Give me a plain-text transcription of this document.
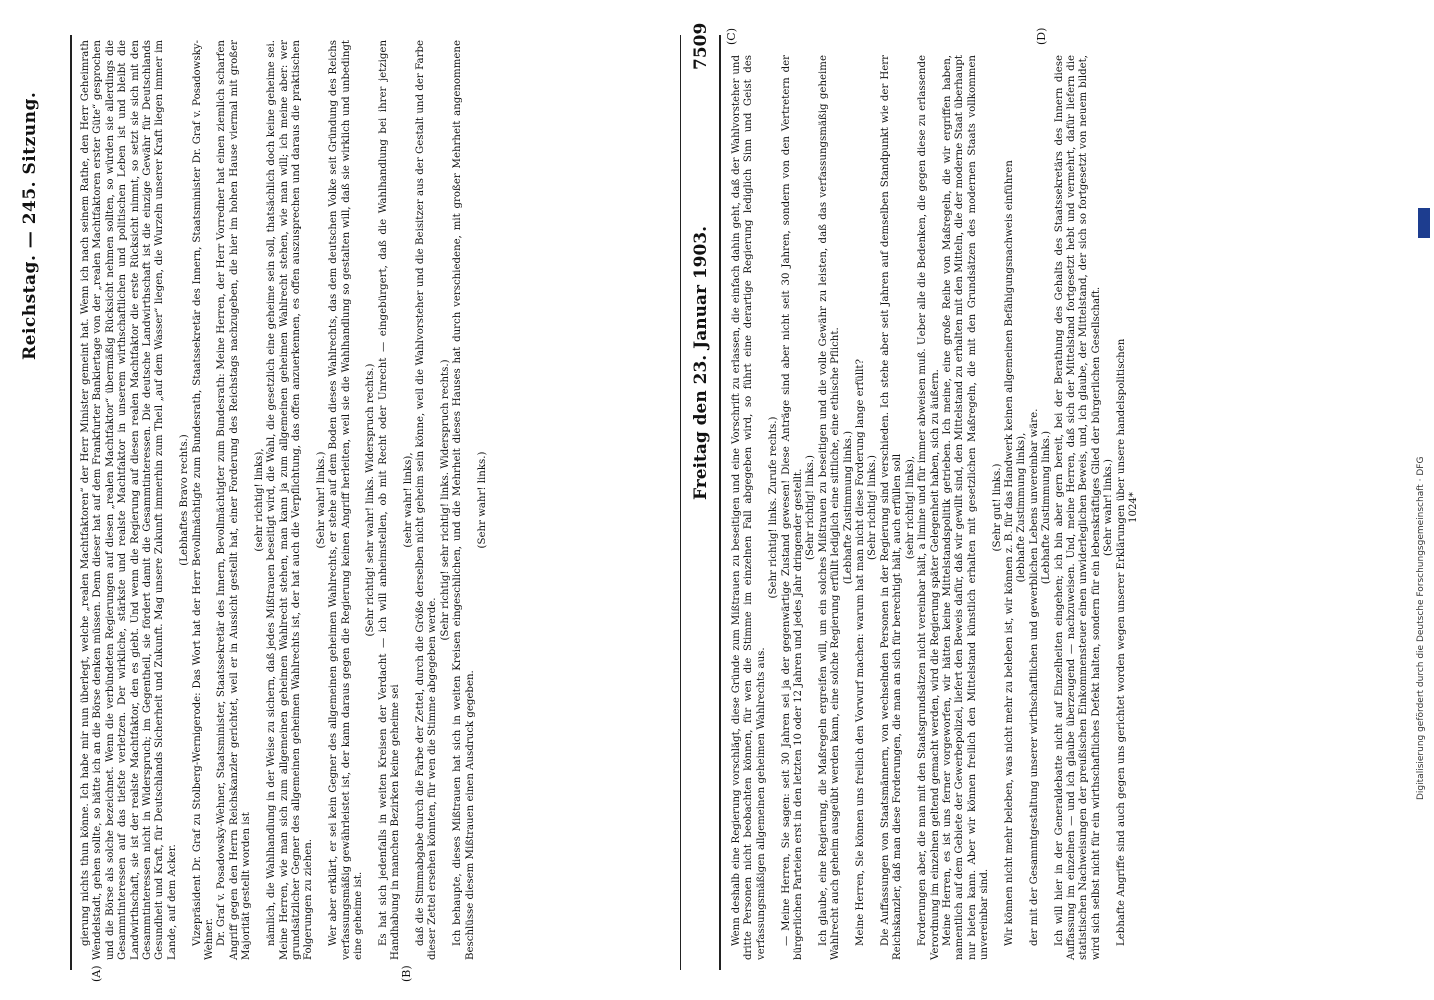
Reichstag. — 245. Sitzung.
(A)	(B)

gierung nichts thun könne. Ich habe mir nun überlegt, welche „realen Machtfaktoren“ der Herr Minister gemeint hat. Wenn ich nach seinem Rathe, den Herr Geheimrath Wendelstadt, gehen sollte, so hätte ich an die Börse denken müssen. Denn dieser hat auf dem Frankfurter Bankiertage von der „realen Machtfaktoren erster Güte“ gesprochen und die Börse als solche bezeichnet. Wenn die verbündeten Regierungen auf diesen „realen Machtfaktor“ übermäßig Rücksicht nehmen sollten, so würden sie allerdings die Gesammtinteressen auf das tiefste verletzen. Der wirkliche, stärkste und realste Machtfaktor in unserem wirthschaftlichen und politischen Leben ist und bleibt die Landwirthschaft, sie ist der realste Machtfaktor, den es giebt. Und wenn die Regierung auf diesen realen Machtfaktor die erste Rücksicht nimmt, so setzt sie sich mit den Gesammtinteressen nicht in Widerspruch; im Gegentheil, sie fördert damit die Gesammtinteressen. Die deutsche Landwirthschaft ist die einzige Gewähr für Deutschlands Gesundheit und Kraft, für Deutschlands Sicherheit und Zukunft. Mag unsere Zukunft immerhin zum Theil „auf dem Wasser“ liegen, die Wurzeln unserer Kraft liegen immer im Lande, auf dem Acker.

(Lebhaftes Bravo rechts.) Vizepräsident Dr. Graf zu Stolberg-Wernigerode: Das Wort hat der Herr Bevollmächtigte zum Bundesrath, Staatssekretär des Innern, Staatsminister Dr. Graf v. Posadowsky-Wehner. Dr. Graf v. Posadowsky-Wehner, Staatsminister, Staatssekretär des Innern, Bevollmächtigter zum Bundesrath: Meine Herren, der Herr Vorredner hat einen ziemlich scharfen Angriff gegen den Herrn Reichskanzler gerichtet, weil er in Aussicht gestellt hat, einer Forderung des Reichstags nachzugeben, die hier im hohen Hause viermal mit großer Majorität gestellt worden ist

(sehr richtig! links), nämlich, die Wahlhandlung in der Weise zu sichern, daß jedes Mißtrauen beseitigt wird, die Wahl, die gesetzlich eine geheime sein soll, thatsächlich doch keine geheime sei. Meine Herren, wie man sich zum allgemeinen geheimen Wahlrecht stehen, man kann ja zum allgemeinen geheimen Wahlrecht stehen, wie man will; ich meine aber: wer grundsätzlicher Gegner des allgemeinen geheimen Wahlrechts ist, der hat auch die Verpflichtung, das offen anzuerkennen, es offen auszusprechen und daraus die praktischen Folgerungen zu ziehen.

(Sehr wahr! links.) Wer aber erklärt, er sei kein Gegner des allgemeinen geheimen Wahlrechts, er stehe auf dem Boden dieses Wahlrechts, das dem deutschen Volke seit Gründung des Reichs verfassungsmäßig gewährleistet ist, der kann daraus gegen die Regierung keinen Angriff herleiten, weil sie die Wahlhandlung so gestalten will, daß sie wirklich und unbedingt eine geheime ist.

(Sehr richtig! sehr wahr! links. Widerspruch rechts.) Es hat sich jedenfalls in weiten Kreisen der Verdacht — ich will anheimstellen, ob mit Recht oder Unrecht — eingebürgert, daß die Wahlhandlung bei ihrer jetzigen Handhabung in manchen Bezirken keine geheime sei

(sehr wahr! links), daß die Stimmabgabe durch die Farbe der Zettel, durch die Größe derselben nicht geheim sein könne, weil die Wahlvorsteher und die Beisitzer aus der Gestalt und der Farbe dieser Zettel ersehen könnten, für wen die Stimme abgegeben werde.

(Sehr richtig! sehr richtig! links. Widerspruch rechts.) Ich behaupte, dieses Mißtrauen hat sich in weiten Kreisen eingeschlichen, und die Mehrheit dieses Hauses hat durch verschiedene, mit großer Mehrheit angenommene Beschlüsse diesem Mißtrauen einen Ausdruck gegeben.

(Sehr wahr! links.)	Freitag den 23. Januar 1903.
7509 (C)	(D)

Wenn deshalb eine Regierung vorschlägt, diese Gründe zum Mißtrauen zu beseitigen und eine Vorschrift zu erlassen, die einfach dahin geht, daß der Wahlvorsteher und dritte Personen nicht beobachten können, für wen die Stimme im einzelnen Fall abgegeben wird, so führt eine derartige Regierung lediglich Sinn und Geist des verfassungsmäßigen allgemeinen geheimen Wahlrechts aus.

(Sehr richtig! links. Zurufe rechts.) — Meine Herren, Sie sagen: seit 30 Jahren sei ja der gegenwärtige Zustand gewesen! Diese Anträge sind aber nicht seit 30 Jahren, sondern von den Vertretern der bürgerlichen Parteien erst in den letzten 10 oder 12 Jahren und jedes Jahr dringender gestellt. (Sehr richtig! links.) Ich glaube, eine Regierung, die Maßregeln ergreifen will, um ein solches Mißtrauen zu beseitigen und die volle Gewähr zu leisten, daß das verfassungsmäßig geheime Wahlrecht auch geheim ausgeübt werden kann, eine solche Regierung erfüllt lediglich eine sittliche, eine ethische Pflicht. (Lebhafte Zustimmung links.) Meine Herren, Sie können uns freilich den Vorwurf machen: warum hat man nicht diese Forderung lange erfüllt? (Sehr richtig! links.) Die Auffassungen von Staatsmännern, von wechselnden Personen in der Regierung sind verschieden. Ich stehe aber seit Jahren auf demselben Standpunkt wie der Herr Reichskanzler, daß man diese Forderungen, die man an sich für berechtigt hält, auch erfüllen soll (sehr richtig! links), Forderungen aber, die man mit den Staatsgrundsätzen nicht vereinbar hält, a limine und für immer abweisen muß. Ueber alle die Bedenken, die gegen diese zu erlassende Verordnung im einzelnen geltend gemacht werden, wird die Regierung später Gelegenheit haben, sich zu äußern. Meine Herren, es ist uns ferner vorgeworfen, wir hätten keine Mittelstandspolitik getrieben. Ich meine, eine große Reihe von Maßregeln, die wir ergriffen haben, namentlich auf dem Gebiete der Gewerbepolizei, liefert den Beweis dafür, daß wir gewillt sind, den Mittelstand zu erhalten mit den Mitteln, die der moderne Staat überhaupt nur bieten kann. Aber wir können freilich den Mittelstand künstlich erhalten mit gesetzlichen Maßregeln, die mit den Grundsätzen des modernen Staats vollkommen unvereinbar sind.

(Sehr gut! links.) Wir können nicht mehr beleben, was nicht mehr zu beleben ist, wir können z. B. für das Handwerk keinen allgemeinen Befähigungsnachweis einführen (lebhafte Zustimmung links), der mit der Gesammtgestaltung unserer wirthschaftlichen und gewerblichen Lebens unvereinbar wäre. (Lebhafte Zustimmung links.) Ich will hier in der Generaldebatte nicht auf Einzelheiten eingehen; ich bin aber gern bereit, bei der Berathung des Gehalts des Staatssekretärs des Innern diese Auffassung im einzelnen — und ich glaube überzeugend — nachzuweisen. Und, meine Herren, daß sich der Mittelstand fortgesetzt hebt und vermehrt, dafür liefern die statistischen Nachweisungen der preußischen Einkommensteuer einen unwiderleglichen Beweis, und, ich glaube, der Mittelstand, der sich so fortgesetzt von neuem bildet, wird sich selbst nicht für ein wirthschaftliches Defekt halten, sondern für ein lebenskräftiges Glied der bürgerlichen Gesellschaft. (Sehr wahr! links.) Lebhafte Angriffe sind auch gegen uns gerichtet worden wegen unserer Erklärungen über unsere handelspolitischen 1024*	Digitalisierung gefördert durch die Deutsche Forschungsgemeinschaft · DFG
